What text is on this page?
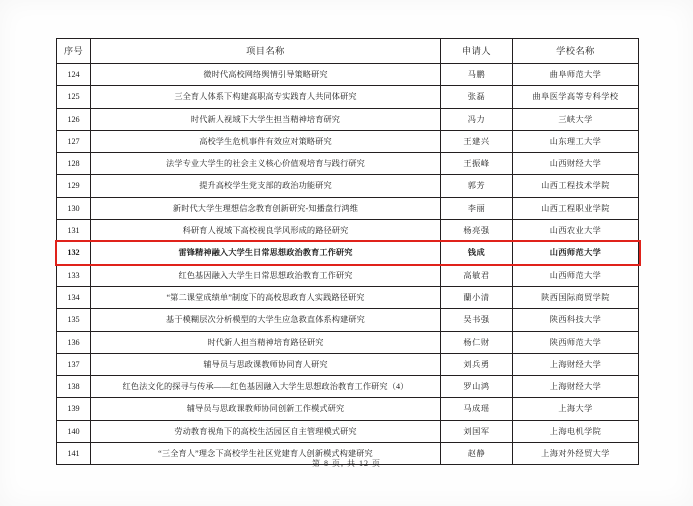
序号	项目名称	申请人	学校名称
124	微时代高校网络舆情引导策略研究	马鹏	曲阜师范大学
125	三全育人体系下构建高职高专实践育人共同体研究	张磊	曲阜医学高等专科学校
126	时代新人视域下大学生担当精神培育研究	冯力	三峡大学
127	高校学生危机事件有效应对策略研究	王建兴	山东理工大学
128	法学专业大学生的社会主义核心价值观培育与践行研究	王振峰	山西财经大学
129	提升高校学生党支部的政治功能研究	郭芳	山西工程技术学院
130	新时代大学生理想信念教育创新研究-知播盘行鸿维	李丽	山西工程职业学院
131	科研育人视域下高校视良学风形成的路径研究	杨亮强	山西农业大学
132	雷锋精神融入大学生日常思想政治教育工作研究	钱成	山西师范大学
133	红色基因融入大学生日常思想政治教育工作研究	高敏君	山西师范大学
134	“第二课堂成绩单”制度下的高校思政育人实践路径研究	蘭小清	陕西国际商贸学院
135	基于模糊层次分析模型的大学生应急救直体系构建研究	吴书强	陕西科技大学
136	时代新人担当精神培育路径研究	杨仁财	陕西师范大学
137	辅导员与思政课教师协同育人研究	刘兵勇	上海财经大学
138	红色法文化的探寻与传承——红色基因融入大学生思想政治教育工作研究（4）	罗山鸿	上海财经大学
139	辅导员与思政课教师协同创新工作模式研究	马成瑶	上海大学
140	劳动教育视角下的高校生活园区自主管理模式研究	刘国军	上海电机学院
141	“三全育人”理念下高校学生社区党建育人创新模式构建研究	赵静	上海对外经贸大学
第 8 页, 共 12 页
